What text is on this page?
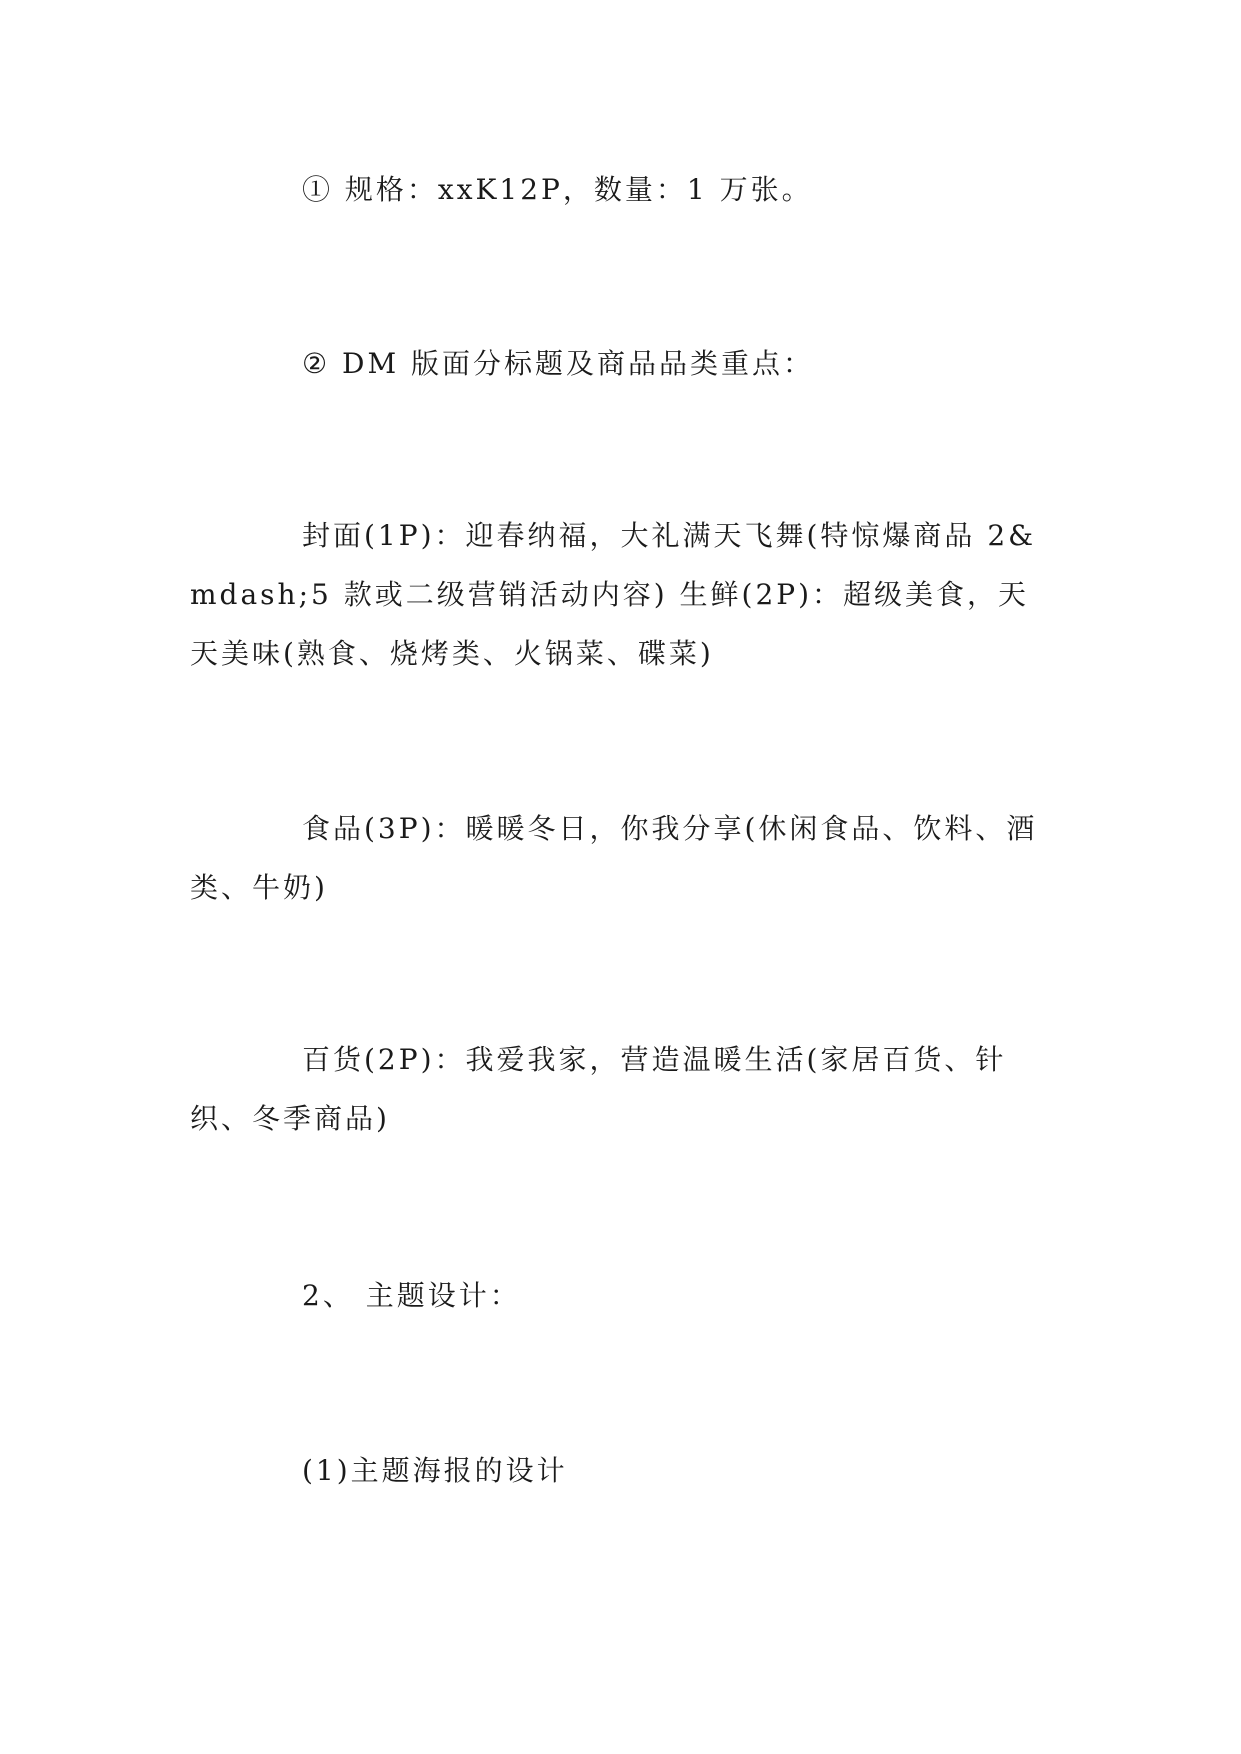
① 规格：xxK12P，数量：1 万张。

② DM 版面分标题及商品品类重点：

封面(1P)：迎春纳福，大礼满天飞舞(特惊爆商品 2&mdash;5 款或二级营销活动内容) 生鲜(2P)：超级美食，天天美味(熟食、烧烤类、火锅菜、碟菜)

食品(3P)：暖暖冬日，你我分享(休闲食品、饮料、酒类、牛奶)

百货(2P)：我爱我家，营造温暖生活(家居百货、针织、冬季商品)

2、 主题设计：

(1)主题海报的设计
